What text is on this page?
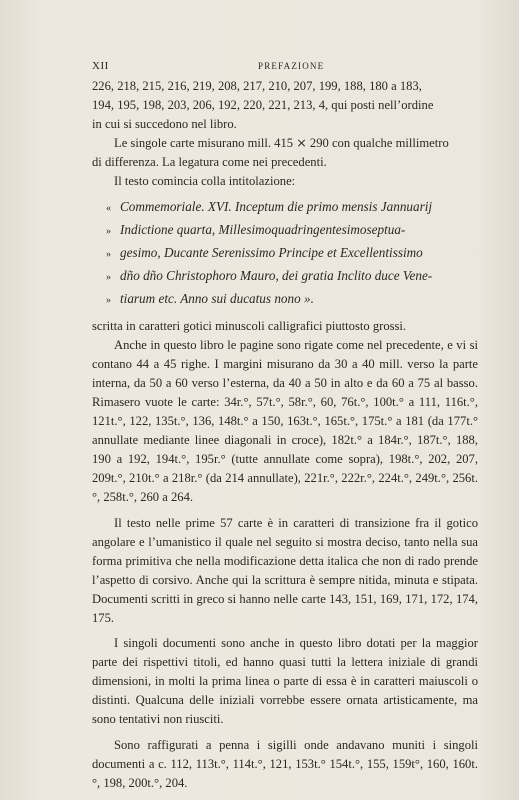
XII	PREFAZIONE

226, 218, 215, 216, 219, 208, 217, 210, 207, 199, 188, 180 a 183,
194, 195, 198, 203, 206, 192, 220, 221, 213, 4, qui posti nell’ordine
in cui si succedono nel libro.

Le singole carte misurano mill. 415 ⨯ 290 con qualche millimetro
di differenza. La legatura come nei precedenti.

Il testo comincia colla intitolazione:

« Commemoriale. XVI. Inceptum die primo mensis Jannuarij
» Indictione quarta, Millesimoquadringentesimoseptua-
» gesimo, Ducante Serenissimo Principe et Excellentissimo
» dño dño Christophoro Mauro, dei gratia Inclito duce Vene-
» tiarum etc. Anno sui ducatus nono ».

scritta in caratteri gotici minuscoli calligrafici piuttosto grossi.

Anche in questo libro le pagine sono rigate come nel precedente, e vi si contano 44 a 45 righe. I margini misurano da 30 a 40 mill. verso la parte interna, da 50 a 60 verso l’esterna, da 40 a 50 in alto e da 60 a 75 al basso. Rimasero vuote le carte: 34r.°, 57t.°, 58r.°, 60, 76t.°, 100t.° a 111, 116t.°, 121t.°, 122, 135t.°, 136, 148t.° a 150, 163t.°, 165t.°, 175t.° a 181 (da 177t.° annullate mediante linee diagonali in croce), 182t.° a 184r.°, 187t.°, 188, 190 a 192, 194t.°, 195r.° (tutte annullate come sopra), 198t.°, 202, 207, 209t.°, 210t.° a 218r.° (da 214 annullate), 221r.°, 222r.°, 224t.°, 249t.°, 256t.°, 258t.°, 260 a 264.

Il testo nelle prime 57 carte è in caratteri di transizione fra il gotico angolare e l’umanistico il quale nel seguito si mostra deciso, tanto nella sua forma primitiva che nella modificazione detta italica che non di rado prende l’aspetto di corsivo. Anche qui la scrittura è sempre nitida, minuta e stipata. Documenti scritti in greco si hanno nelle carte 143, 151, 169, 171, 172, 174, 175.

I singoli documenti sono anche in questo libro dotati per la maggior parte dei rispettivi titoli, ed hanno quasi tutti la lettera iniziale di grandi dimensioni, in molti la prima linea o parte di essa è in caratteri maiuscoli o distinti. Qualcuna delle iniziali vorrebbe essere ornata artisticamente, ma sono tentativi non riusciti.

Sono raffigurati a penna i sigilli onde andavano muniti i singoli documenti a c. 112, 113t.°, 114t.°, 121, 153t.° 154t.°, 155, 159t°, 160, 160t.°, 198, 200t.°, 204.
